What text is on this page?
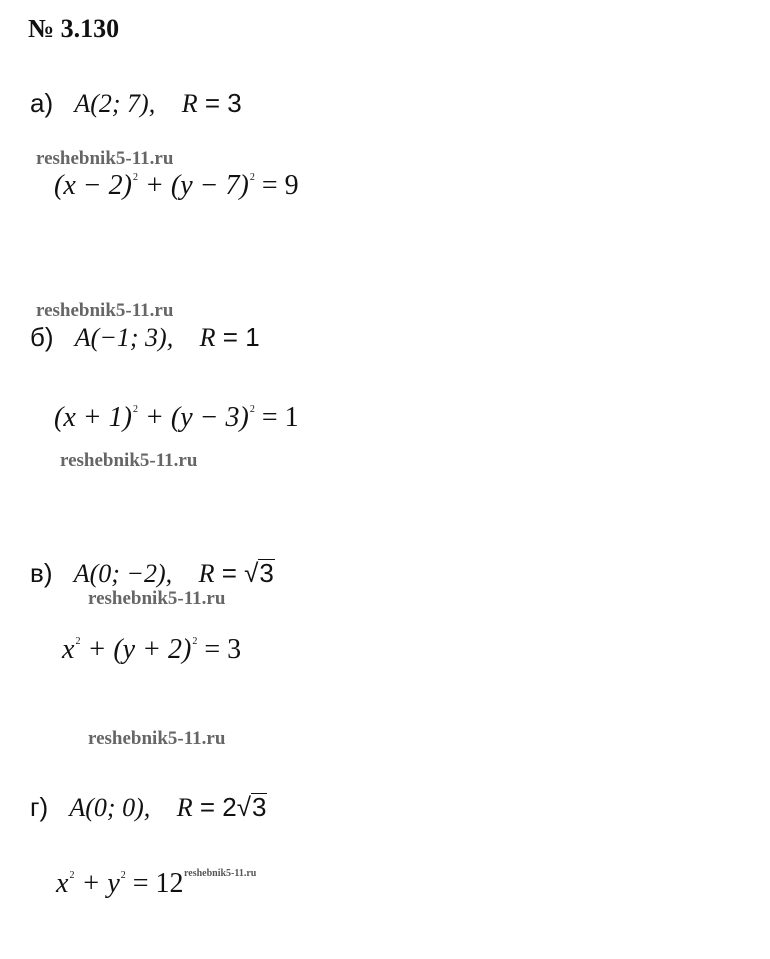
№ 3.130
а) A(2; 7), R = 3
reshebnik5-11.ru
$(x - 2)^2 + (y - 7)^2 = 9$
reshebnik5-11.ru
б) A(−1; 3), R = 1
$(x + 1)^2 + (y - 3)^2 = 1$
reshebnik5-11.ru
в) A(0; −2), R = √3
reshebnik5-11.ru
$x^2 + (y + 2)^2 = 3$
reshebnik5-11.ru
г) A(0; 0), R = 2√3
$x^2 + y^2 = 12$ reshebnik5-11.ru
